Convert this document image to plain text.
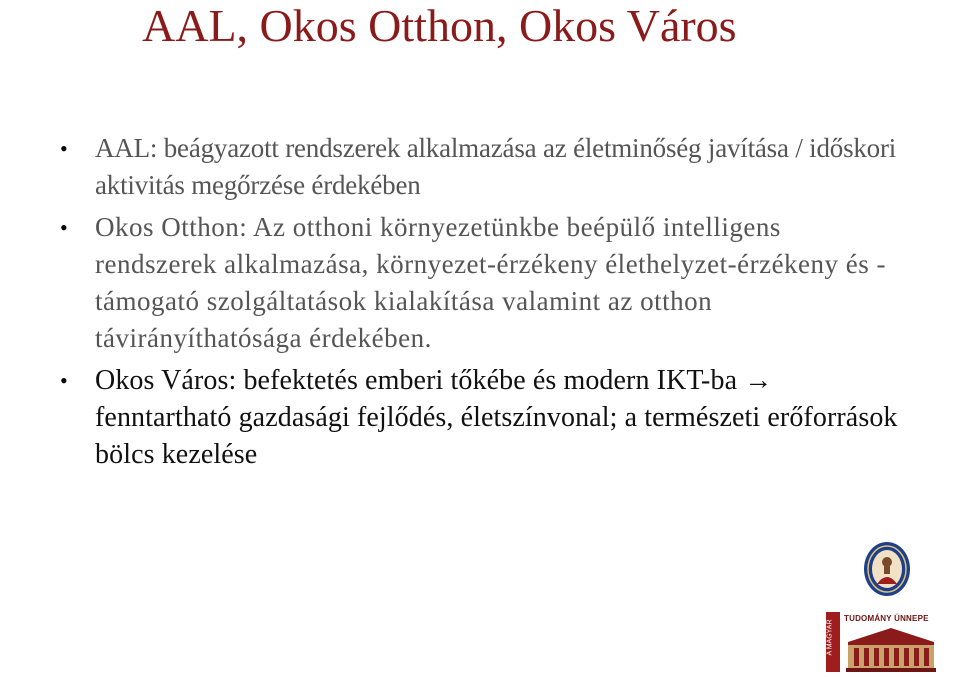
AAL, Okos Otthon, Okos Város
• AAL: beágyazott rendszerek alkalmazása az életminőség javítása / időskori aktivitás megőrzése érdekében
• Okos Otthon: Az otthoni környezetünkbe beépülő intelligens rendszerek alkalmazása, környezet-érzékeny élethelyzet-érzékeny és -támogató szolgáltatások kialakítása valamint az otthon távirányíthatósága érdekében.
• Okos Város: befektetés emberi tőkébe és modern IKT-ba → fenntartható gazdasági fejlődés, életszínvonal; a természeti erőforrások bölcs kezelése
A MAGYAR
TUDOMÁNY ÜNNEPE
